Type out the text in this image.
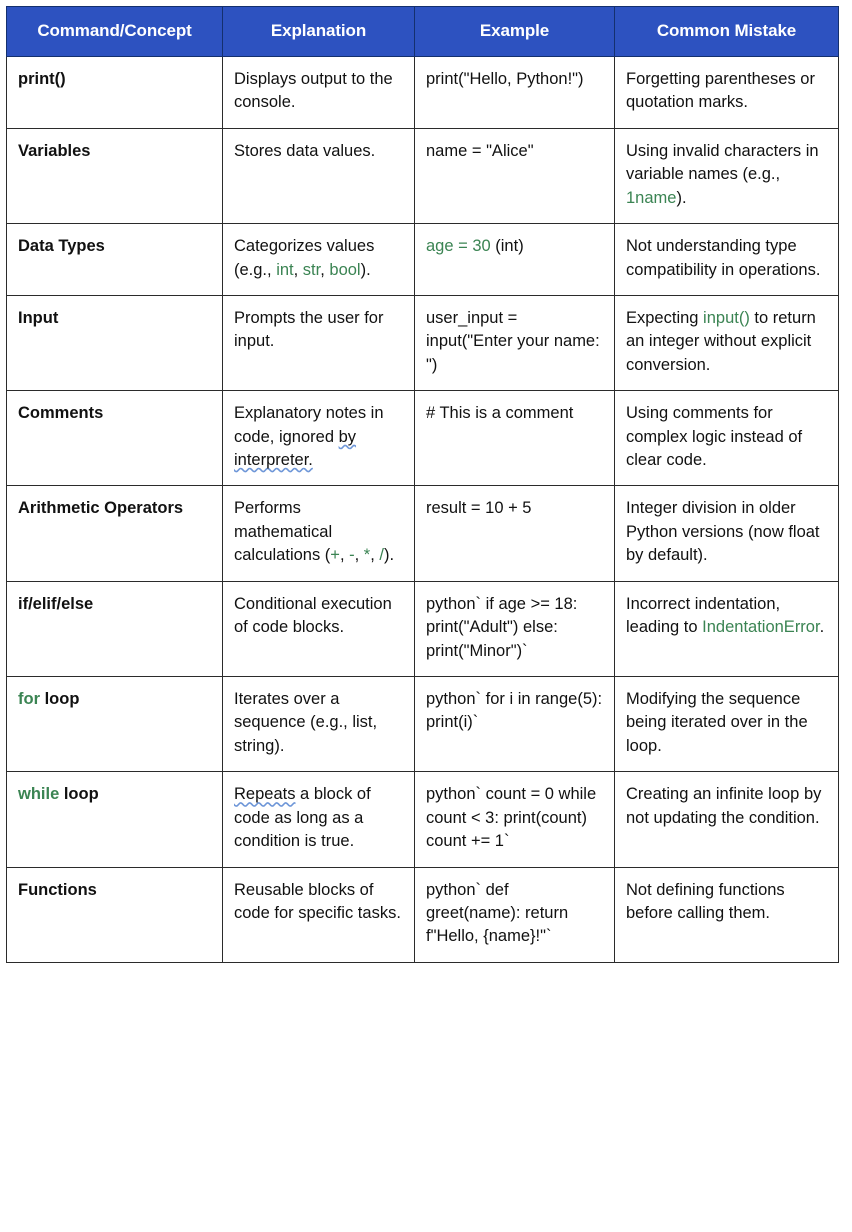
Command/Concept	Explanation	Example	Common Mistake
print()	Displays output to the console.	print("Hello, Python!")	Forgetting parentheses or quotation marks.
Variables	Stores data values.	name = "Alice"	Using invalid characters in variable names (e.g., 1name).
Data Types	Categorizes values (e.g., int, str, bool).	age = 30 (int)	Not understanding type compatibility in operations.
Input	Prompts the user for input.	user_input = input("Enter your name: ")	Expecting input() to return an integer without explicit conversion.
Comments	Explanatory notes in code, ignored by interpreter.	# This is a comment	Using comments for complex logic instead of clear code.
Arithmetic Operators	Performs mathematical calculations (+, -, *, /).	result = 10 + 5	Integer division in older Python versions (now float by default).
if/elif/else	Conditional execution of code blocks.	python` if age >= 18: print("Adult") else: print("Minor")`	Incorrect indentation, leading to IndentationError.
for loop	Iterates over a sequence (e.g., list, string).	python` for i in range(5): print(i)`	Modifying the sequence being iterated over in the loop.
while loop	Repeats a block of code as long as a condition is true.	python` count = 0 while count < 3: print(count) count += 1`	Creating an infinite loop by not updating the condition.
Functions	Reusable blocks of code for specific tasks.	python` def greet(name): return f"Hello, {name}!"`	Not defining functions before calling them.
